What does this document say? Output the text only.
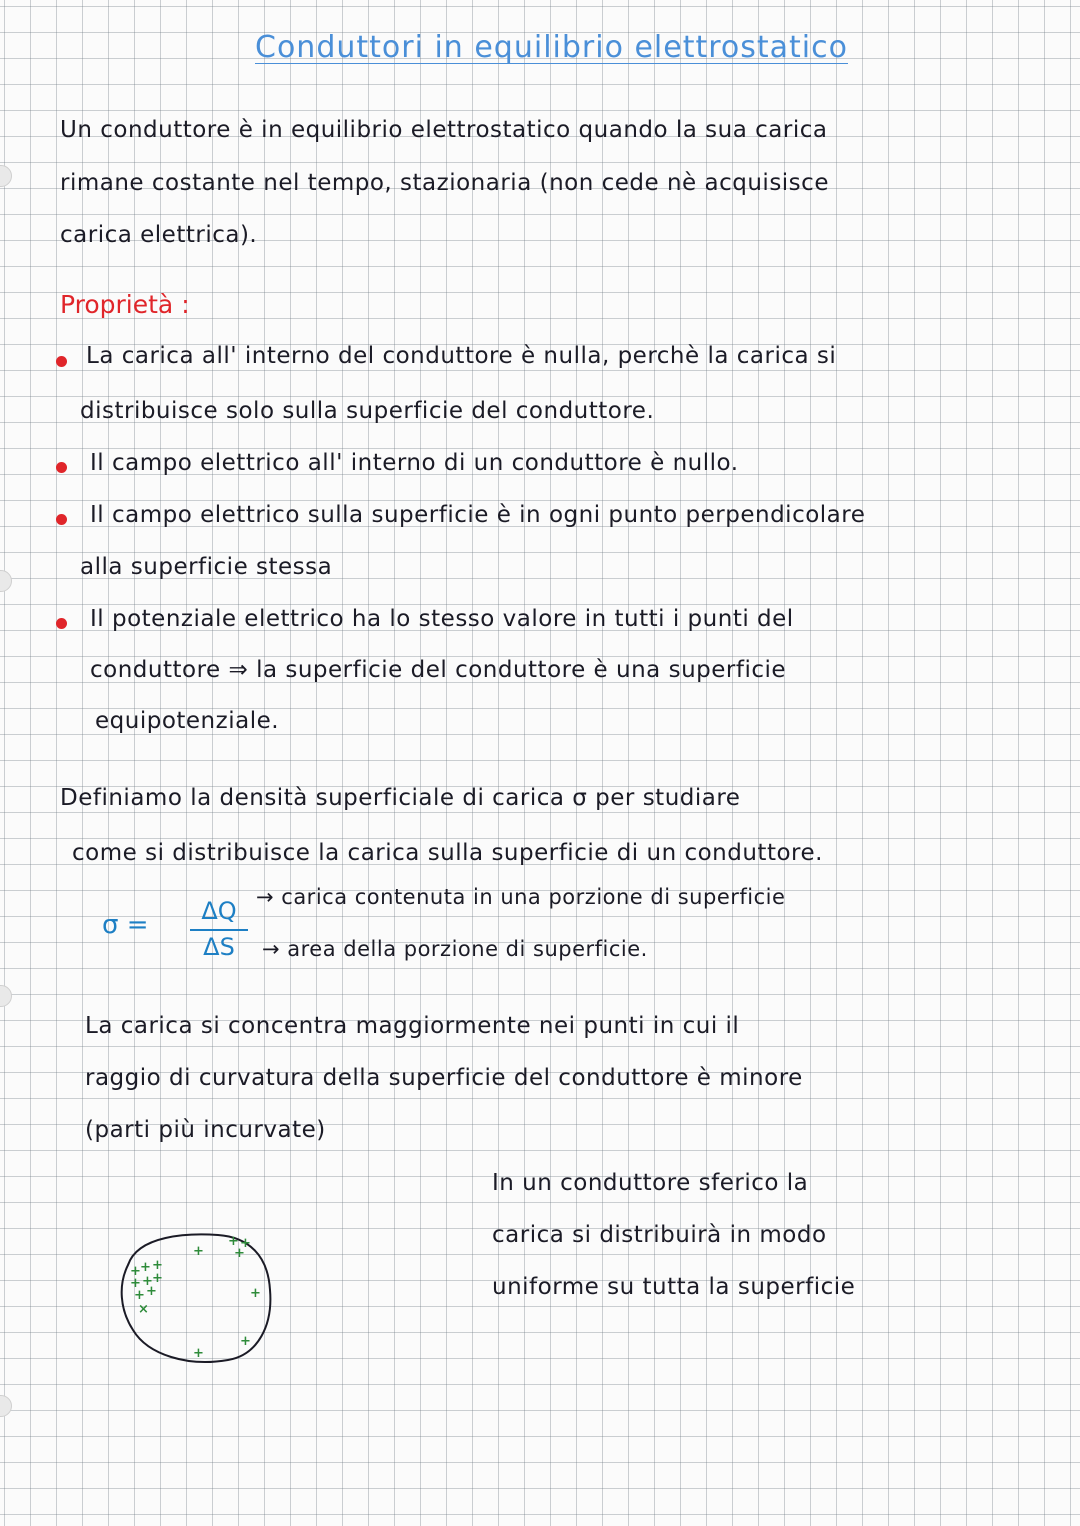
Conduttori in equilibrio elettrostatico
Un conduttore è in equilibrio elettrostatico quando la sua carica
rimane costante nel tempo, stazionaria (non cede nè acquisisce
carica elettrica).
Proprietà :
La carica all' interno del conduttore è nulla, perchè la carica si
distribuisce solo sulla superficie del conduttore.
Il campo elettrico all' interno di un conduttore è nullo.
Il campo elettrico sulla superficie è in ogni punto perpendicolare
alla superficie stessa
Il potenziale elettrico ha lo stesso valore in tutti i punti del
conduttore ⇒ la superficie del conduttore è una superficie
equipotenziale.
Definiamo la densità superficiale di carica σ per studiare
come si distribuisce la carica sulla superficie di un conduttore.
σ =	ΔQ
ΔS
→ carica contenuta in una porzione di superficie
→ area della porzione di superficie.
La carica si concentra maggiormente nei punti in cui il
raggio di curvatura della superficie del conduttore è minore
(parti più incurvate)
In un conduttore sferico la
carica si distribuirà in modo
uniforme su tutta la superficie
+ + +
+ + +
+ +
×
+
+ +
+
+
+
+
